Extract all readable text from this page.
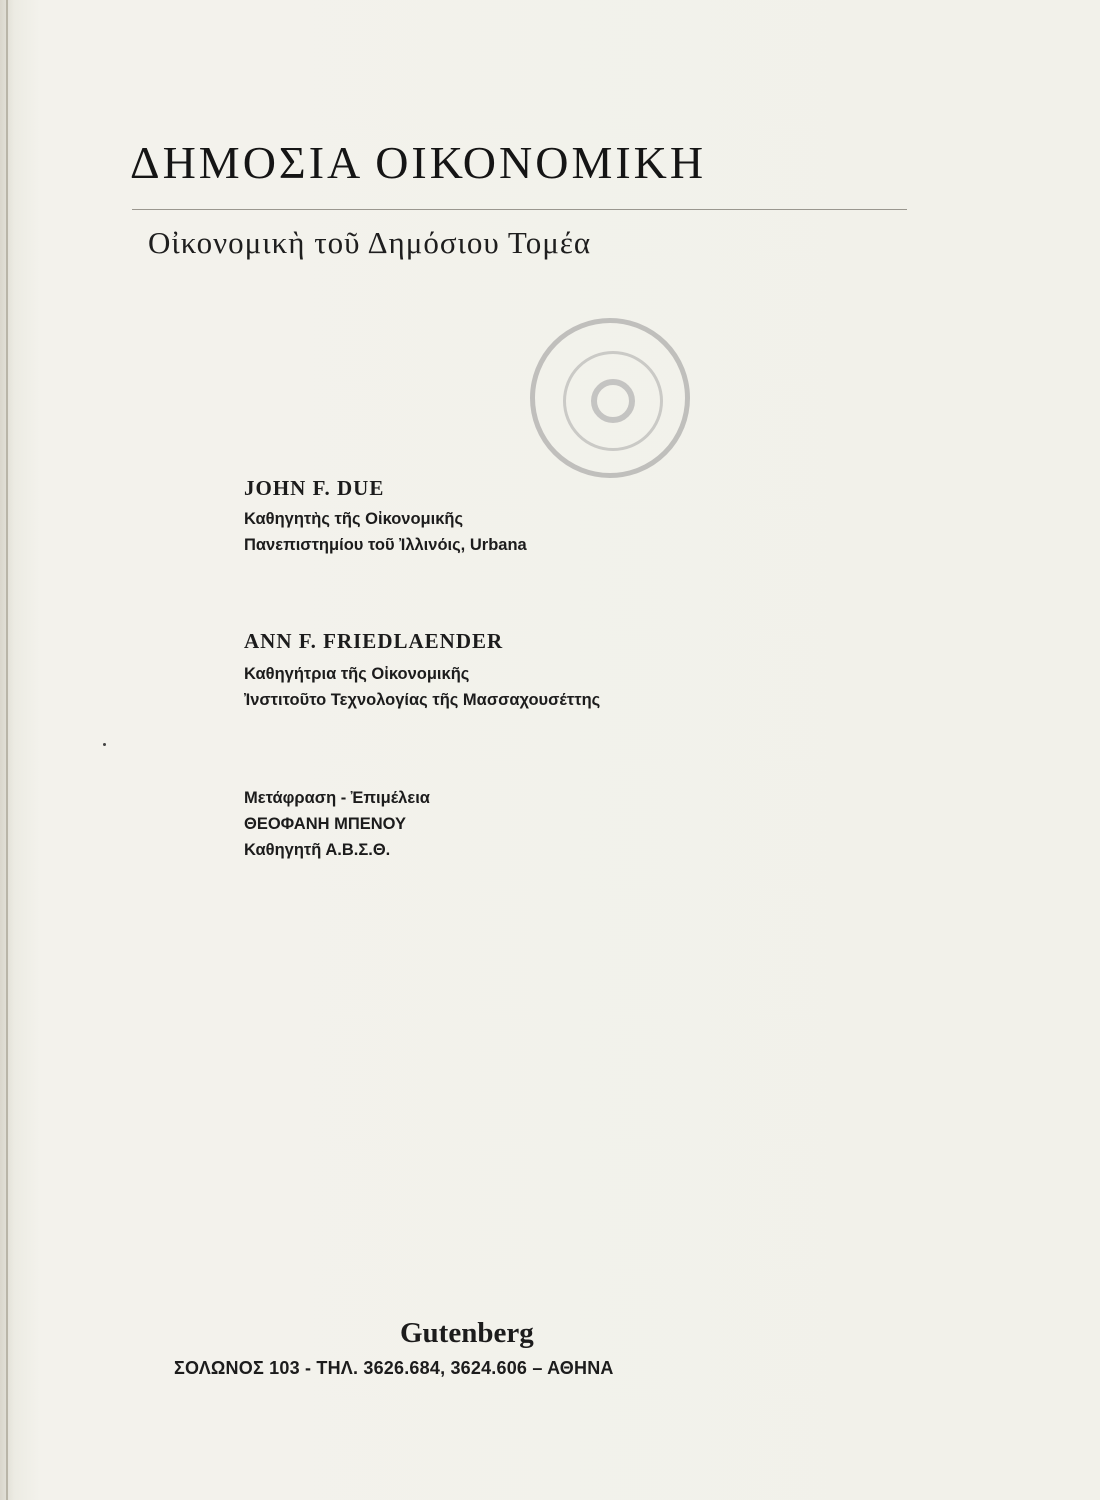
ΔΗΜΟΣΙΑ ΟΙΚΟΝΟΜΙΚΗ
Οἰκονομικὴ τοῦ Δημόσιου Τομέα
JOHN F. DUE
Καθηγητὴς τῆς Οἰκονομικῆς
Πανεπιστημίου τοῦ Ἰλλινόις, Urbana
ANN F. FRIEDLAENDER
Καθηγήτρια τῆς Οἰκονομικῆς
Ἰνστιτοῦτο Τεχνολογίας τῆς Μασσαχουσέττης
Μετάφραση - Ἐπιμέλεια
ΘΕΟΦΑΝΗ ΜΠΕΝΟΥ
Καθηγητῆ Α.Β.Σ.Θ.
Gutenberg
ΣΟΛΩΝΟΣ 103 - ΤΗΛ. 3626.684, 3624.606 – ΑΘΗΝΑ
